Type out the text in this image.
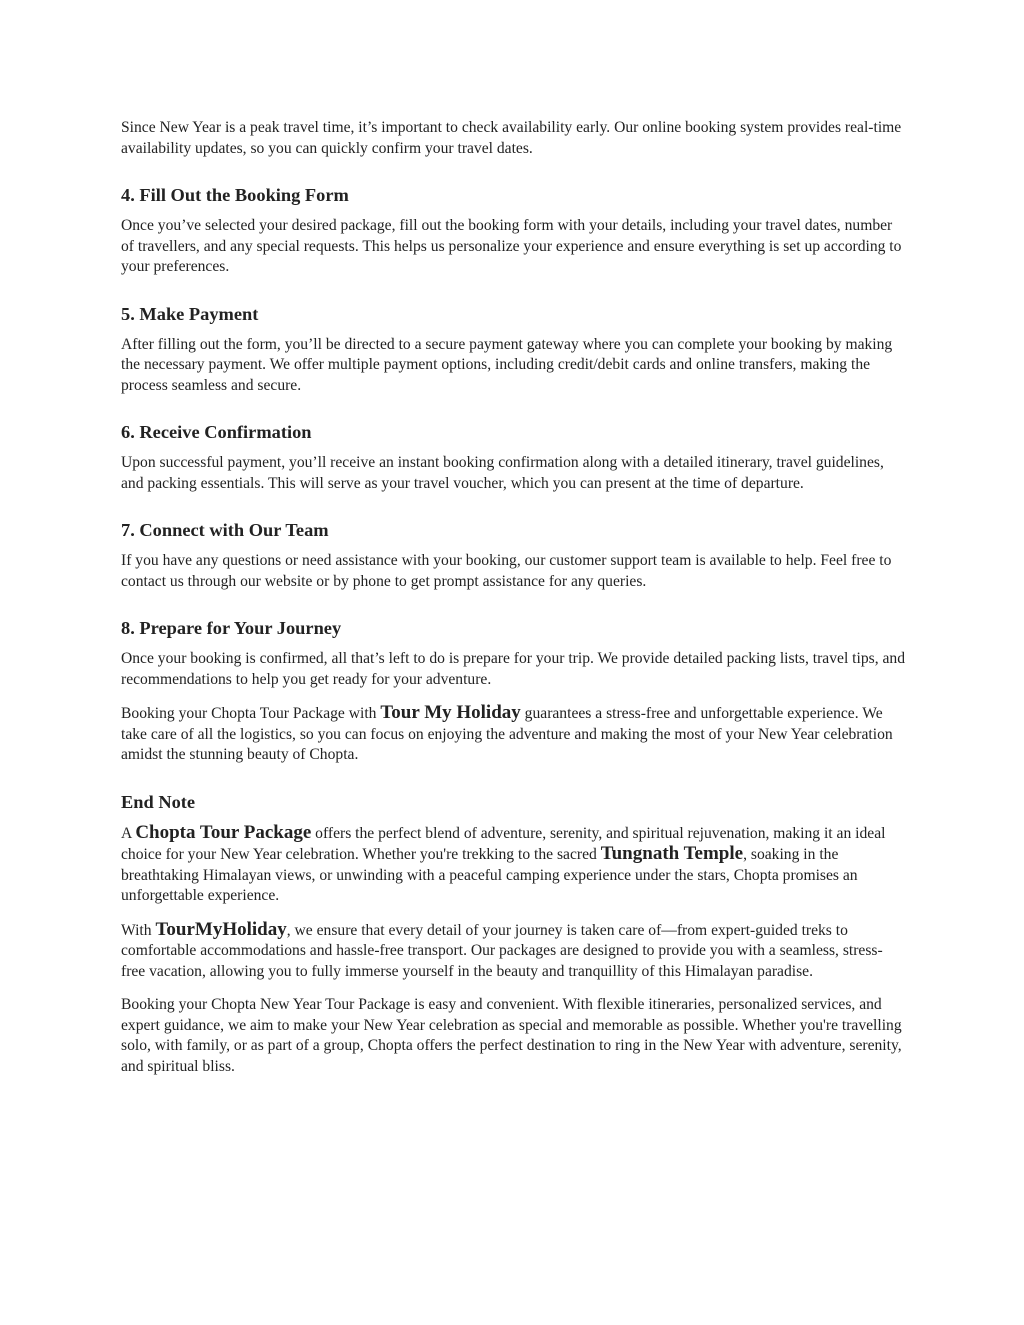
Since New Year is a peak travel time, it’s important to check availability early. Our online booking system provides real-time availability updates, so you can quickly confirm your travel dates.

4. Fill Out the Booking Form

Once you’ve selected your desired package, fill out the booking form with your details, including your travel dates, number of travellers, and any special requests. This helps us personalize your experience and ensure everything is set up according to your preferences.

5. Make Payment

After filling out the form, you’ll be directed to a secure payment gateway where you can complete your booking by making the necessary payment. We offer multiple payment options, including credit/debit cards and online transfers, making the process seamless and secure.

6. Receive Confirmation

Upon successful payment, you’ll receive an instant booking confirmation along with a detailed itinerary, travel guidelines, and packing essentials. This will serve as your travel voucher, which you can present at the time of departure.

7. Connect with Our Team

If you have any questions or need assistance with your booking, our customer support team is available to help. Feel free to contact us through our website or by phone to get prompt assistance for any queries.

8. Prepare for Your Journey

Once your booking is confirmed, all that’s left to do is prepare for your trip. We provide detailed packing lists, travel tips, and recommendations to help you get ready for your adventure.

Booking your Chopta Tour Package with Tour My Holiday guarantees a stress-free and unforgettable experience. We take care of all the logistics, so you can focus on enjoying the adventure and making the most of your New Year celebration amidst the stunning beauty of Chopta.

End Note

A Chopta Tour Package offers the perfect blend of adventure, serenity, and spiritual rejuvenation, making it an ideal choice for your New Year celebration. Whether you're trekking to the sacred Tungnath Temple, soaking in the breathtaking Himalayan views, or unwinding with a peaceful camping experience under the stars, Chopta promises an unforgettable experience.

With TourMyHoliday, we ensure that every detail of your journey is taken care of—from expert-guided treks to comfortable accommodations and hassle-free transport. Our packages are designed to provide you with a seamless, stress-free vacation, allowing you to fully immerse yourself in the beauty and tranquillity of this Himalayan paradise.

Booking your Chopta New Year Tour Package is easy and convenient. With flexible itineraries, personalized services, and expert guidance, we aim to make your New Year celebration as special and memorable as possible. Whether you're travelling solo, with family, or as part of a group, Chopta offers the perfect destination to ring in the New Year with adventure, serenity, and spiritual bliss.
